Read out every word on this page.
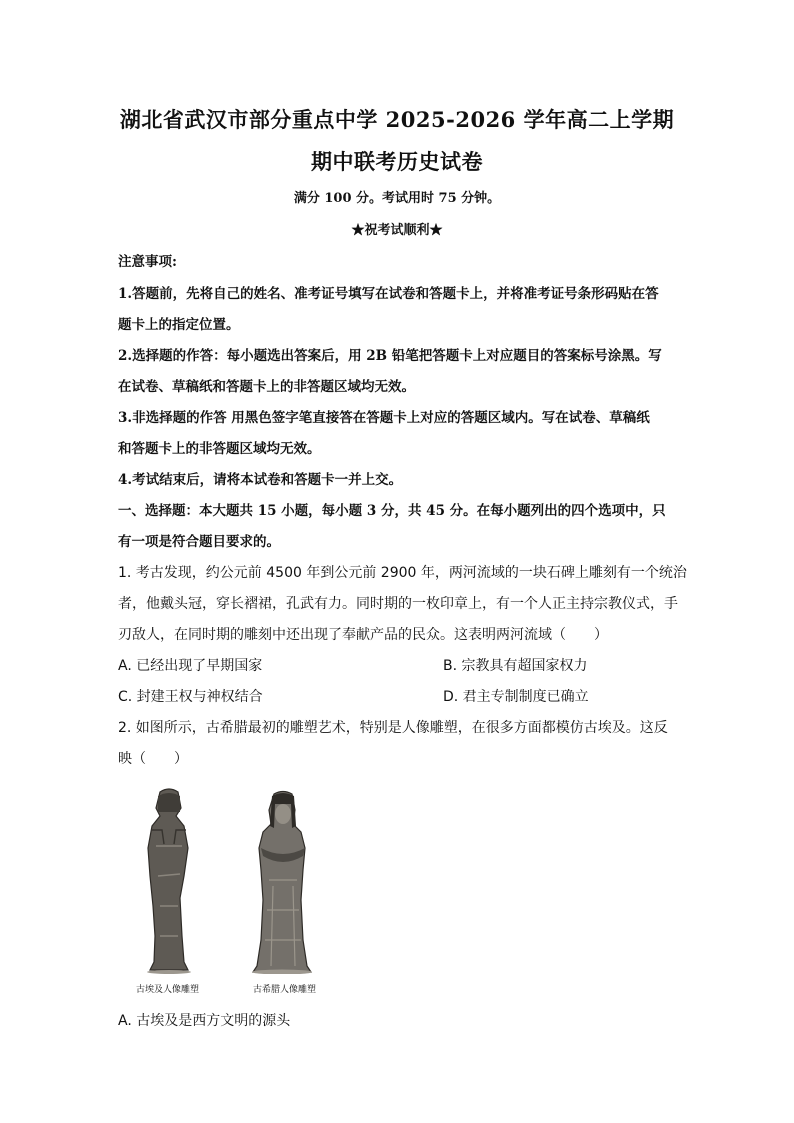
湖北省武汉市部分重点中学 2025-2026 学年高二上学期
期中联考历史试卷
满分 100 分。考试用时 75 分钟。
★祝考试顺利★
注意事项:
1.答题前，先将自己的姓名、准考证号填写在试卷和答题卡上，并将准考证号条形码贴在答
题卡上的指定位置。
2.选择题的作答：每小题选出答案后，用 2B 铅笔把答题卡上对应题目的答案标号涂黑。写
在试卷、草稿纸和答题卡上的非答题区域均无效。
3.非选择题的作答 用黑色签字笔直接答在答题卡上对应的答题区域内。写在试卷、草稿纸
和答题卡上的非答题区域均无效。
4.考试结束后，请将本试卷和答题卡一并上交。
一、选择题：本大题共 15 小题，每小题 3 分，共 45 分。在每小题列出的四个选项中，只
有一项是符合题目要求的。
1. 考古发现，约公元前 4500 年到公元前 2900 年，两河流域的一块石碑上雕刻有一个统治
者，他戴头冠，穿长褶裙，孔武有力。同时期的一枚印章上，有一个人正主持宗教仪式，手
刃敌人，在同时期的雕刻中还出现了奉献产品的民众。这表明两河流域（　　）
A. 已经出现了早期国家	B. 宗教具有超国家权力
C. 封建王权与神权结合	D. 君主专制制度已确立
2. 如图所示，古希腊最初的雕塑艺术，特别是人像雕塑，在很多方面都模仿古埃及。这反
映（　　）
古埃及人像雕塑	古希腊人像雕塑
A. 古埃及是西方文明的源头
